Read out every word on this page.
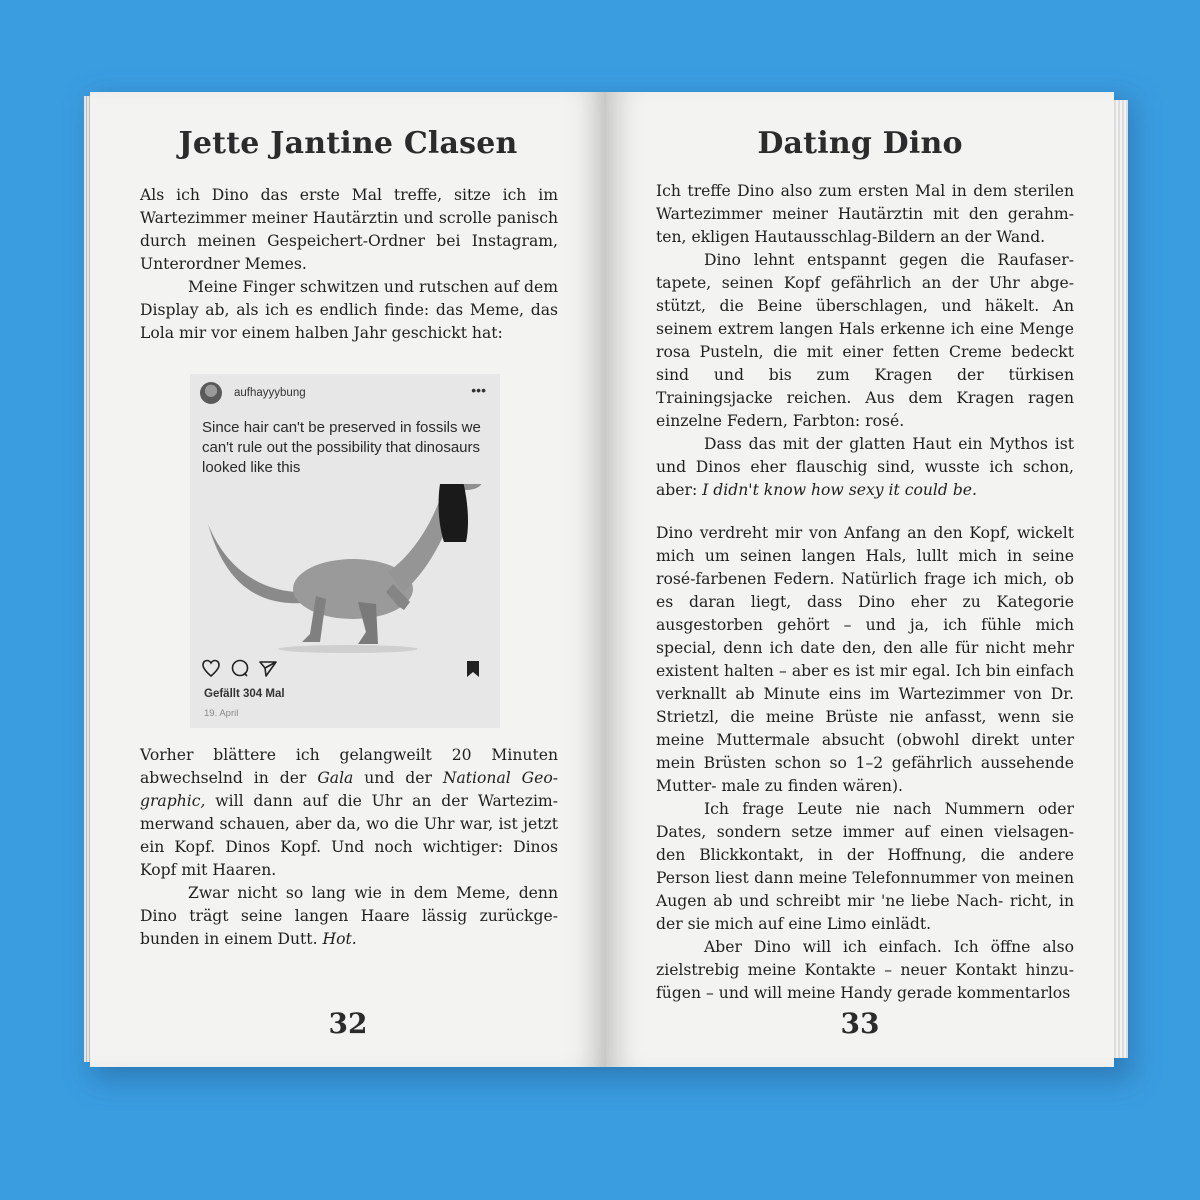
Jette Jantine Clasen

Als ich Dino das erste Mal treffe, sitze ich im Wartezimmer meiner Hautärztin und scrolle panisch durch meinen Gespeichert-Ordner bei Instagram, Unterordner Memes.

Meine Finger schwitzen und rutschen auf dem Display ab, als ich es endlich finde: das Meme, das Lola mir vor einem halben Jahr geschickt hat:

aufhayyybung	•••
Since hair can't be preserved in fossils we can't rule out the possibility that dinosaurs looked like this
Gefällt 304 Mal
19. April

Vorher blättere ich gelangweilt 20 Minuten abwechselnd in der Gala und der National Geo- graphic, will dann auf die Uhr an der Wartezim- merwand schauen, aber da, wo die Uhr war, ist jetzt ein Kopf. Dinos Kopf. Und noch wichtiger: Dinos Kopf mit Haaren.

Zwar nicht so lang wie in dem Meme, denn Dino trägt seine langen Haare lässig zurückge- bunden in einem Dutt. Hot.

32
Dating Dino

Ich treffe Dino also zum ersten Mal in dem sterilen Wartezimmer meiner Hautärztin mit den gerahm- ten, ekligen Hautausschlag-Bildern an der Wand.

Dino lehnt entspannt gegen die Raufaser- tapete, seinen Kopf gefährlich an der Uhr abge- stützt, die Beine überschlagen, und häkelt. An seinem extrem langen Hals erkenne ich eine Menge rosa Pusteln, die mit einer fetten Creme bedeckt sind und bis zum Kragen der türkisen Trainingsjacke reichen. Aus dem Kragen ragen einzelne Federn, Farbton: rosé.

Dass das mit der glatten Haut ein Mythos ist und Dinos eher flauschig sind, wusste ich schon, aber: I didn't know how sexy it could be.

Dino verdreht mir von Anfang an den Kopf, wickelt mich um seinen langen Hals, lullt mich in seine rosé-farbenen Federn. Natürlich frage ich mich, ob es daran liegt, dass Dino eher zu Kategorie ausgestorben gehört – und ja, ich fühle mich special, denn ich date den, den alle für nicht mehr existent halten – aber es ist mir egal. Ich bin einfach verknallt ab Minute eins im Wartezimmer von Dr. Strietzl, die meine Brüste nie anfasst, wenn sie meine Muttermale absucht (obwohl direkt unter mein Brüsten schon so 1–2 gefährlich aussehende Mutter- male zu finden wären).

Ich frage Leute nie nach Nummern oder Dates, sondern setze immer auf einen vielsagen- den Blickkontakt, in der Hoffnung, die andere Person liest dann meine Telefonnummer von meinen Augen ab und schreibt mir 'ne liebe Nach- richt, in der sie mich auf eine Limo einlädt.

Aber Dino will ich einfach. Ich öffne also zielstrebig meine Kontakte – neuer Kontakt hinzu- fügen – und will meine Handy gerade kommentarlos

33
